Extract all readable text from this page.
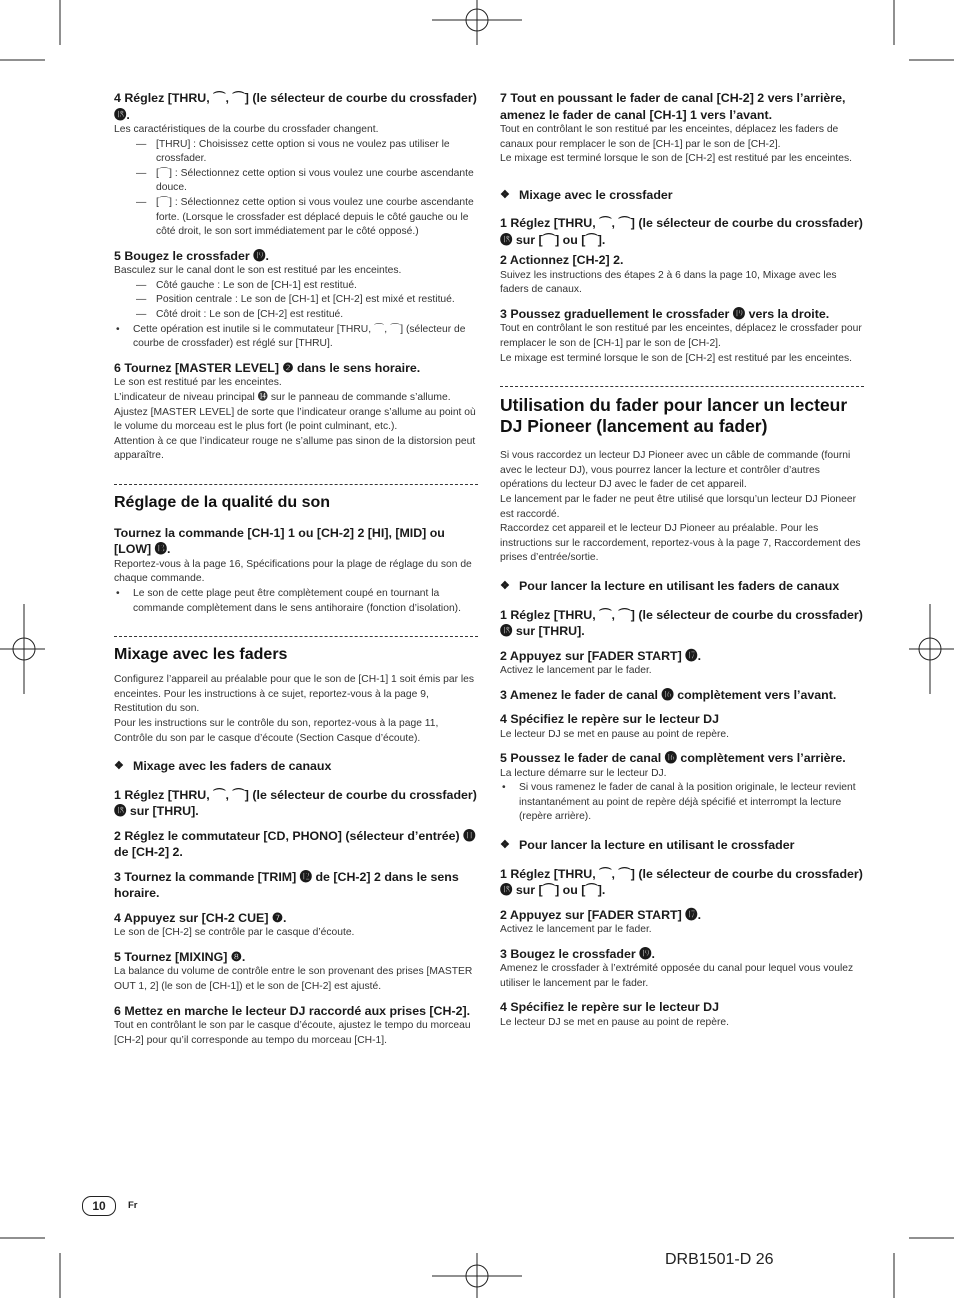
4 Réglez [THRU, ⌒, ⌒] (le sélecteur de courbe du crossfader) ⓲.

Les caractéristiques de la courbe du crossfader changent.

— [THRU] : Choisissez cette option si vous ne voulez pas utiliser le crossfader.

— [⌒] : Sélectionnez cette option si vous voulez une courbe ascendante douce.

— [⌒] : Sélectionnez cette option si vous voulez une courbe ascendante forte. (Lorsque le crossfader est déplacé depuis le côté gauche ou le côté droit, le son sort immédiatement par le côté opposé.)

5 Bougez le crossfader ⓳.

Basculez sur le canal dont le son est restitué par les enceintes.

— Côté gauche : Le son de [CH-1] est restitué.

— Position centrale : Le son de [CH-1] et [CH-2] est mixé et restitué.

— Côté droit : Le son de [CH-2] est restitué.

• Cette opération est inutile si le commutateur [THRU, ⌒, ⌒] (sélecteur de courbe de crossfader) est réglé sur [THRU].

6 Tournez [MASTER LEVEL] ❷ dans le sens horaire.

Le son est restitué par les enceintes.

L’indicateur de niveau principal ⓮ sur le panneau de commande s’allume.

Ajustez [MASTER LEVEL] de sorte que l’indicateur orange s’allume au point où le volume du morceau est le plus fort (le point culminant, etc.).

Attention à ce que l’indicateur rouge ne s’allume pas sinon de la distorsion peut apparaître.

Réglage de la qualité du son

Tournez la commande [CH-1] 1 ou [CH-2] 2 [HI], [MID] ou [LOW] ⓭.

Reportez-vous à la page 16, Spécifications pour la plage de réglage du son de chaque commande.

• Le son de cette plage peut être complètement coupé en tournant la commande complètement dans le sens antihoraire (fonction d’isolation).

Mixage avec les faders

Configurez l’appareil au préalable pour que le son de [CH-1] 1 soit émis par les enceintes. Pour les instructions à ce sujet, reportez-vous à la page 9, Restitution du son.

Pour les instructions sur le contrôle du son, reportez-vous à la page 11, Contrôle du son par le casque d’écoute (Section Casque d’écoute).

❖ Mixage avec les faders de canaux

1 Réglez [THRU, ⌒, ⌒] (le sélecteur de courbe du crossfader) ⓲ sur [THRU].

2 Réglez le commutateur [CD, PHONO] (sélecteur d’entrée) ⓫ de [CH-2] 2.

3 Tournez la commande [TRIM] ⓬ de [CH-2] 2 dans le sens horaire.

4 Appuyez sur [CH-2 CUE] ❼.

Le son de [CH-2] se contrôle par le casque d’écoute.

5 Tournez [MIXING] ❽.

La balance du volume de contrôle entre le son provenant des prises [MASTER OUT 1, 2] (le son de [CH-1]) et le son de [CH-2] est ajusté.

6 Mettez en marche le lecteur DJ raccordé aux prises [CH-2].

Tout en contrôlant le son par le casque d’écoute, ajustez le tempo du morceau [CH-2] pour qu’il corresponde au tempo du morceau [CH-1].

7 Tout en poussant le fader de canal [CH-2] 2 vers l’arrière, amenez le fader de canal [CH-1] 1 vers l’avant.

Tout en contrôlant le son restitué par les enceintes, déplacez les faders de canaux pour remplacer le son de [CH-1] par le son de [CH-2].

Le mixage est terminé lorsque le son de [CH-2] est restitué par les enceintes.

❖ Mixage avec le crossfader

1 Réglez [THRU, ⌒, ⌒] (le sélecteur de courbe du crossfader) ⓲ sur [⌒] ou [⌒].

2 Actionnez [CH-2] 2.

Suivez les instructions des étapes 2 à 6 dans la page 10, Mixage avec les faders de canaux.

3 Poussez graduellement le crossfader ⓳ vers la droite.

Tout en contrôlant le son restitué par les enceintes, déplacez le crossfader pour remplacer le son de [CH-1] par le son de [CH-2].

Le mixage est terminé lorsque le son de [CH-2] est restitué par les enceintes.

Utilisation du fader pour lancer un lecteur DJ Pioneer (lancement au fader)

Si vous raccordez un lecteur DJ Pioneer avec un câble de commande (fourni avec le lecteur DJ), vous pourrez lancer la lecture et contrôler d’autres opérations du lecteur DJ avec le fader de cet appareil.

Le lancement par le fader ne peut être utilisé que lorsqu’un lecteur DJ Pioneer est raccordé.

Raccordez cet appareil et le lecteur DJ Pioneer au préalable. Pour les instructions sur le raccordement, reportez-vous à la page 7, Raccordement des prises d’entrée/sortie.

❖ Pour lancer la lecture en utilisant les faders de canaux

1 Réglez [THRU, ⌒, ⌒] (le sélecteur de courbe du crossfader) ⓲ sur [THRU].

2 Appuyez sur [FADER START] ⓱.

Activez le lancement par le fader.

3 Amenez le fader de canal ⓰ complètement vers l’avant.

4 Spécifiez le repère sur le lecteur DJ

Le lecteur DJ se met en pause au point de repère.

5 Poussez le fader de canal ⓰ complètement vers l’arrière.

La lecture démarre sur le lecteur DJ.

• Si vous ramenez le fader de canal à la position originale, le lecteur revient instantanément au point de repère déjà spécifié et interrompt la lecture (repère arrière).

❖ Pour lancer la lecture en utilisant le crossfader

1 Réglez [THRU, ⌒, ⌒] (le sélecteur de courbe du crossfader) ⓲ sur [⌒] ou [⌒].

2 Appuyez sur [FADER START] ⓱.

Activez le lancement par le fader.

3 Bougez le crossfader ⓳.

Amenez le crossfader à l’extrémité opposée du canal pour lequel vous voulez utiliser le lancement par le fader.

4 Spécifiez le repère sur le lecteur DJ

Le lecteur DJ se met en pause au point de repère.

10	Fr
DRB1501-D 26
